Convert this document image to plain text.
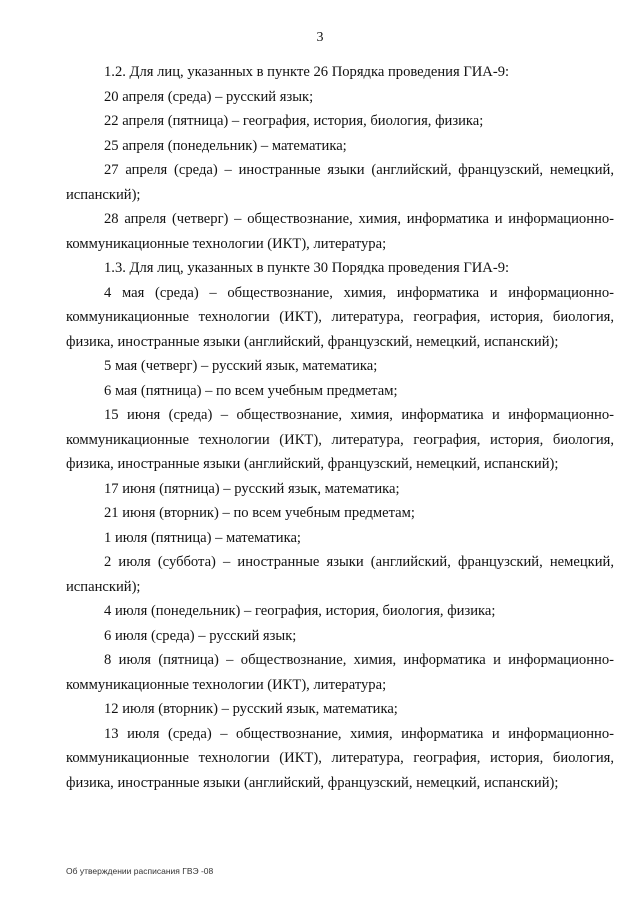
3

1.2. Для лиц, указанных в пункте 26 Порядка проведения ГИА-9:

20 апреля (среда) – русский язык;

22 апреля (пятница) – география, история, биология, физика;

25 апреля (понедельник) – математика;

27 апреля (среда) – иностранные языки (английский, французский, немецкий, испанский);

28 апреля (четверг) – обществознание, химия, информатика и информационно-коммуникационные технологии (ИКТ), литература;

1.3. Для лиц, указанных в пункте 30 Порядка проведения ГИА-9:

4 мая (среда) – обществознание, химия, информатика и информационно-коммуникационные технологии (ИКТ), литература, география, история, биология, физика, иностранные языки (английский, французский, немецкий, испанский);

5 мая (четверг) – русский язык, математика;

6 мая (пятница) – по всем учебным предметам;

15 июня (среда) – обществознание, химия, информатика и информационно-коммуникационные технологии (ИКТ), литература, география, история, биология, физика, иностранные языки (английский, французский, немецкий, испанский);

17 июня (пятница) – русский язык, математика;

21 июня (вторник) – по всем учебным предметам;

1 июля (пятница) – математика;

2 июля (суббота) – иностранные языки (английский, французский, немецкий, испанский);

4 июля (понедельник) – география, история, биология, физика;

6 июля (среда) – русский язык;

8 июля (пятница) – обществознание, химия, информатика и информационно-коммуникационные технологии (ИКТ), литература;

12 июля (вторник) – русский язык, математика;

13 июля (среда) – обществознание, химия, информатика и информационно-коммуникационные технологии (ИКТ), литература, география, история, биология, физика, иностранные языки (английский, французский, немецкий, испанский);

Об утверждении расписания ГВЭ -08
